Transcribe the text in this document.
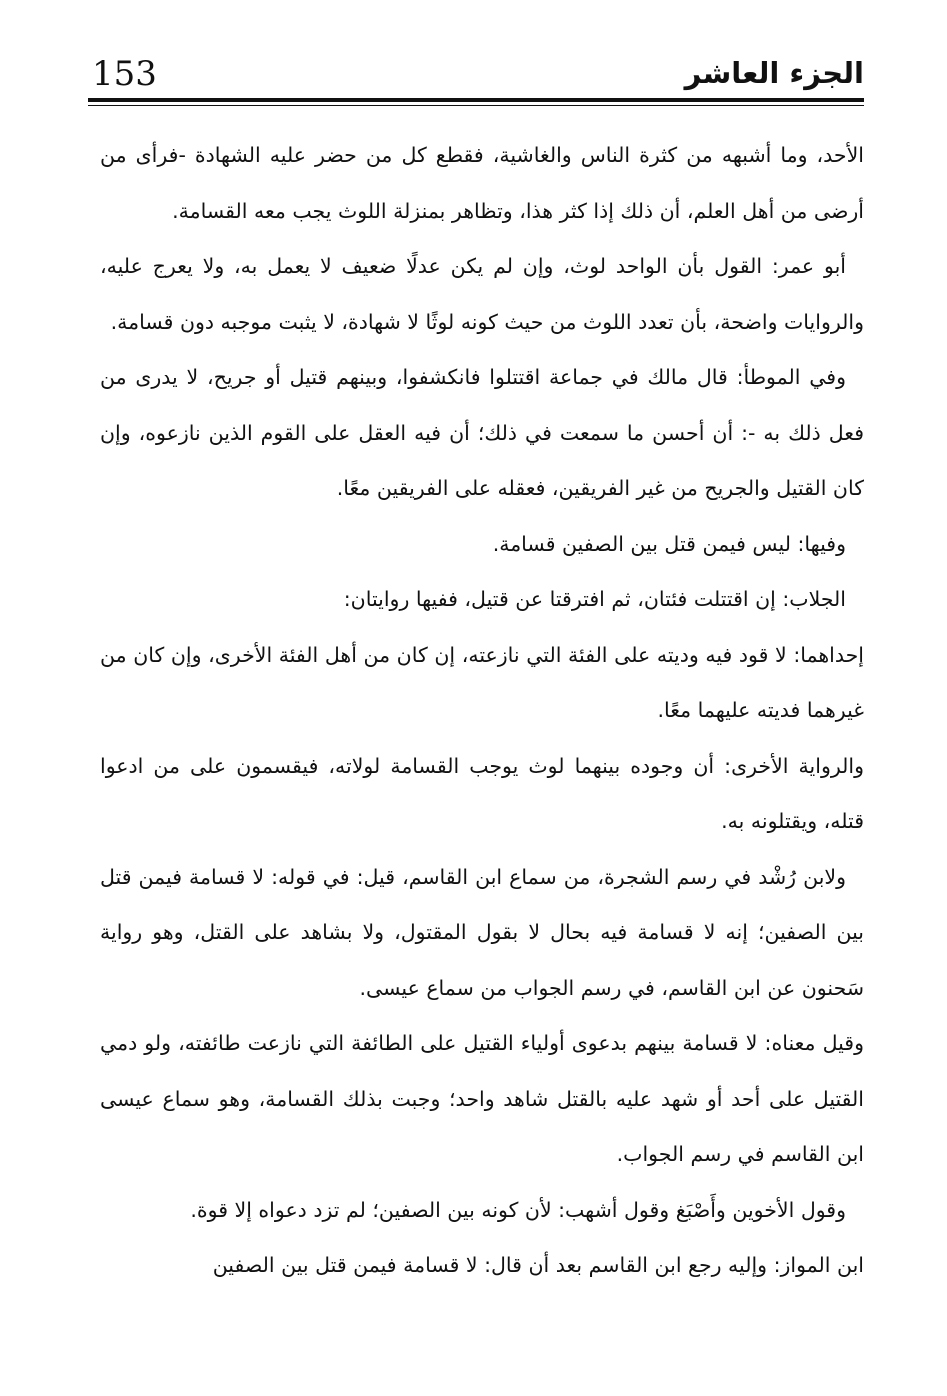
153	الجزء العاشر

الأحد، وما أشبهه من كثرة الناس والغاشية، فقطع كل من حضر عليه الشهادة -فرأى من أرضى من أهل العلم، أن ذلك إذا كثر هذا، وتظاهر بمنزلة اللوث يجب معه القسامة.

أبو عمر: القول بأن الواحد لوث، وإن لم يكن عدلًا ضعيف لا يعمل به، ولا يعرج عليه، والروايات واضحة، بأن تعدد اللوث من حيث كونه لوثًا لا شهادة، لا يثبت موجبه دون قسامة.

وفي الموطأ: قال مالك في جماعة اقتتلوا فانكشفوا، وبينهم قتيل أو جريح، لا يدرى من فعل ذلك به -: أن أحسن ما سمعت في ذلك؛ أن فيه العقل على القوم الذين نازعوه، وإن كان القتيل والجريح من غير الفريقين، فعقله على الفريقين معًا.

وفيها: ليس فيمن قتل بين الصفين قسامة.

الجلاب: إن اقتتلت فئتان، ثم افترقتا عن قتيل، ففيها روايتان:

إحداهما: لا قود فيه وديته على الفئة التي نازعته، إن كان من أهل الفئة الأخرى، وإن كان من غيرهما فديته عليهما معًا.

والرواية الأخرى: أن وجوده بينهما لوث يوجب القسامة لولاته، فيقسمون على من ادعوا قتله، ويقتلونه به.

ولابن رُشْد في رسم الشجرة، من سماع ابن القاسم، قيل: في قوله: لا قسامة فيمن قتل بين الصفين؛ إنه لا قسامة فيه بحال لا بقول المقتول، ولا بشاهد على القتل، وهو رواية سَحنون عن ابن القاسم، في رسم الجواب من سماع عيسى.

وقيل معناه: لا قسامة بينهم بدعوى أولياء القتيل على الطائفة التي نازعت طائفته، ولو دمي القتيل على أحد أو شهد عليه بالقتل شاهد واحد؛ وجبت بذلك القسامة، وهو سماع عيسى ابن القاسم في رسم الجواب.

وقول الأخوين وأَصْبَغ وقول أشهب: لأن كونه بين الصفين؛ لم تزد دعواه إلا قوة.

ابن المواز: وإليه رجع ابن القاسم بعد أن قال: لا قسامة فيمن قتل بين الصفين
